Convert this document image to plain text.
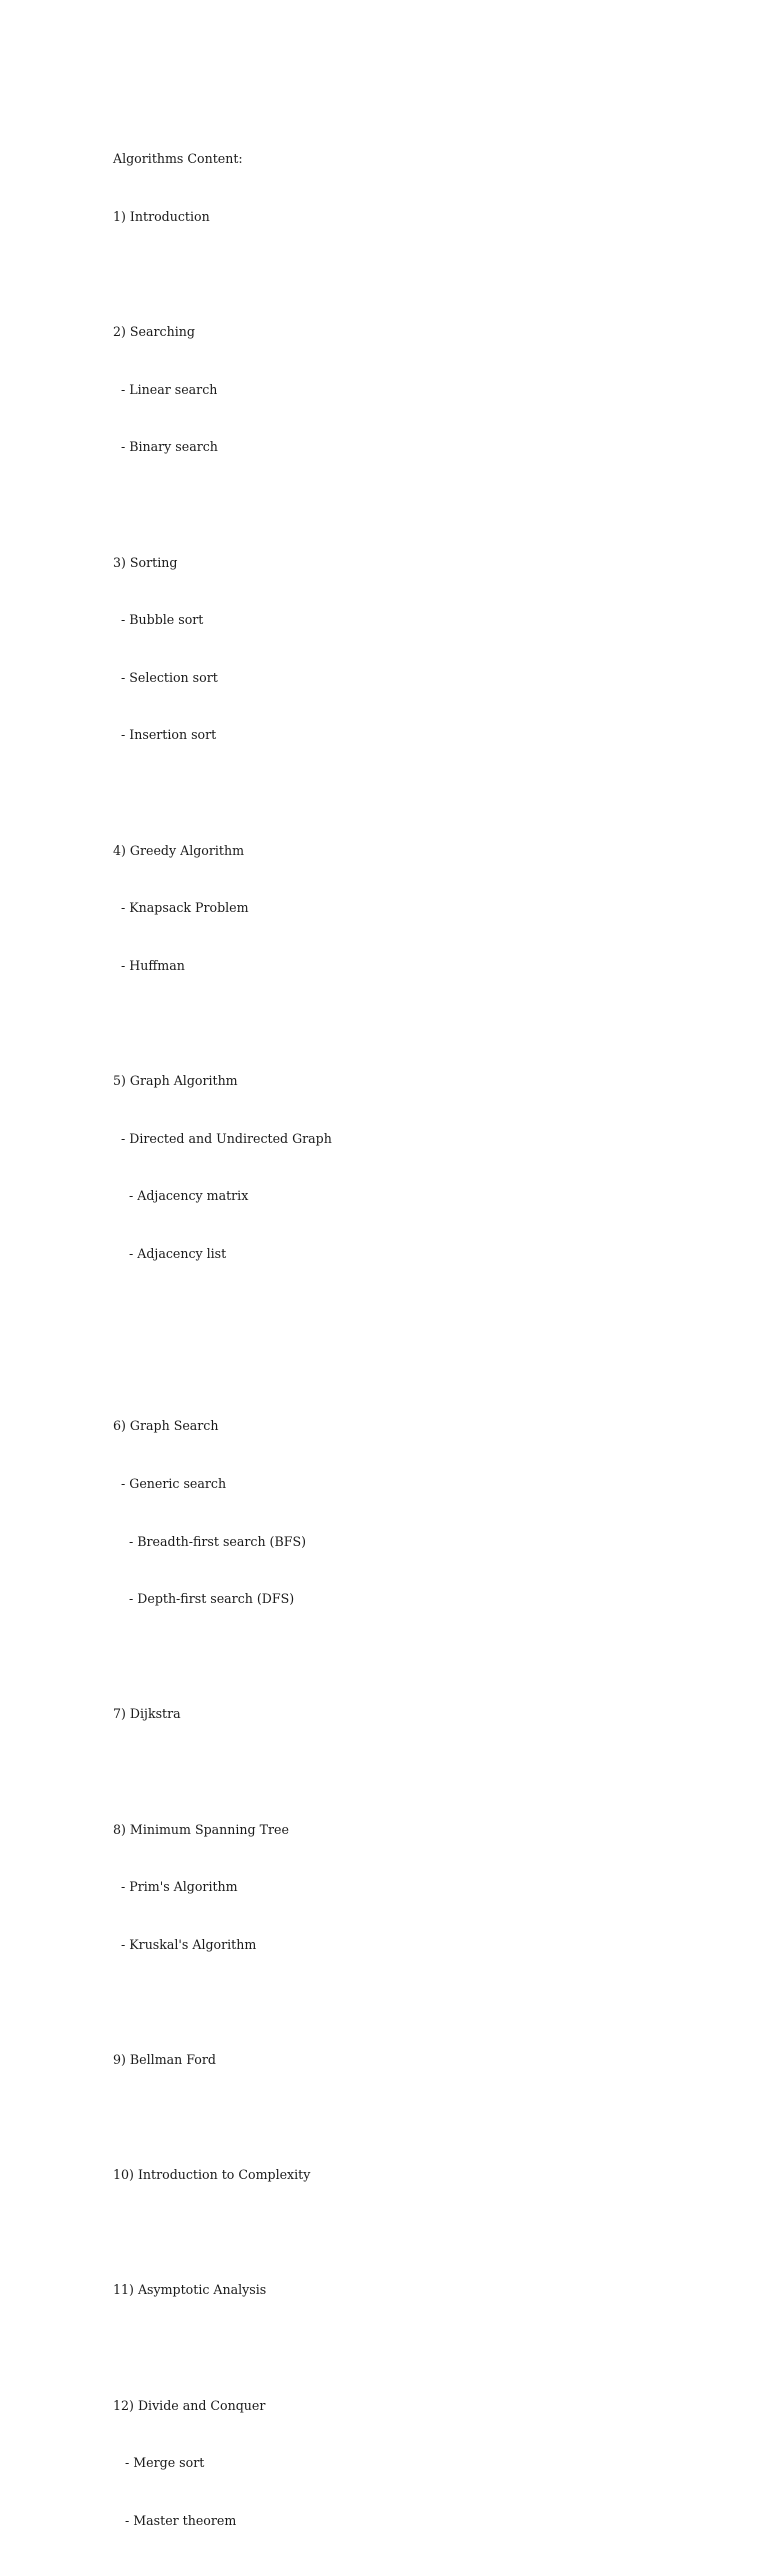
Algorithms Content:

1) Introduction

2) Searching

- Linear search

- Binary search

3) Sorting

- Bubble sort

- Selection sort

- Insertion sort

4) Greedy Algorithm

- Knapsack Problem

- Huffman

5) Graph Algorithm

- Directed and Undirected Graph

- Adjacency matrix

- Adjacency list

6) Graph Search

- Generic search

- Breadth-first search (BFS)

- Depth-first search (DFS)

7) Dijkstra

8) Minimum Spanning Tree

- Prim's Algorithm

- Kruskal's Algorithm

9) Bellman Ford

10) Introduction to Complexity

11) Asymptotic Analysis

12) Divide and Conquer

- Merge sort

- Master theorem
